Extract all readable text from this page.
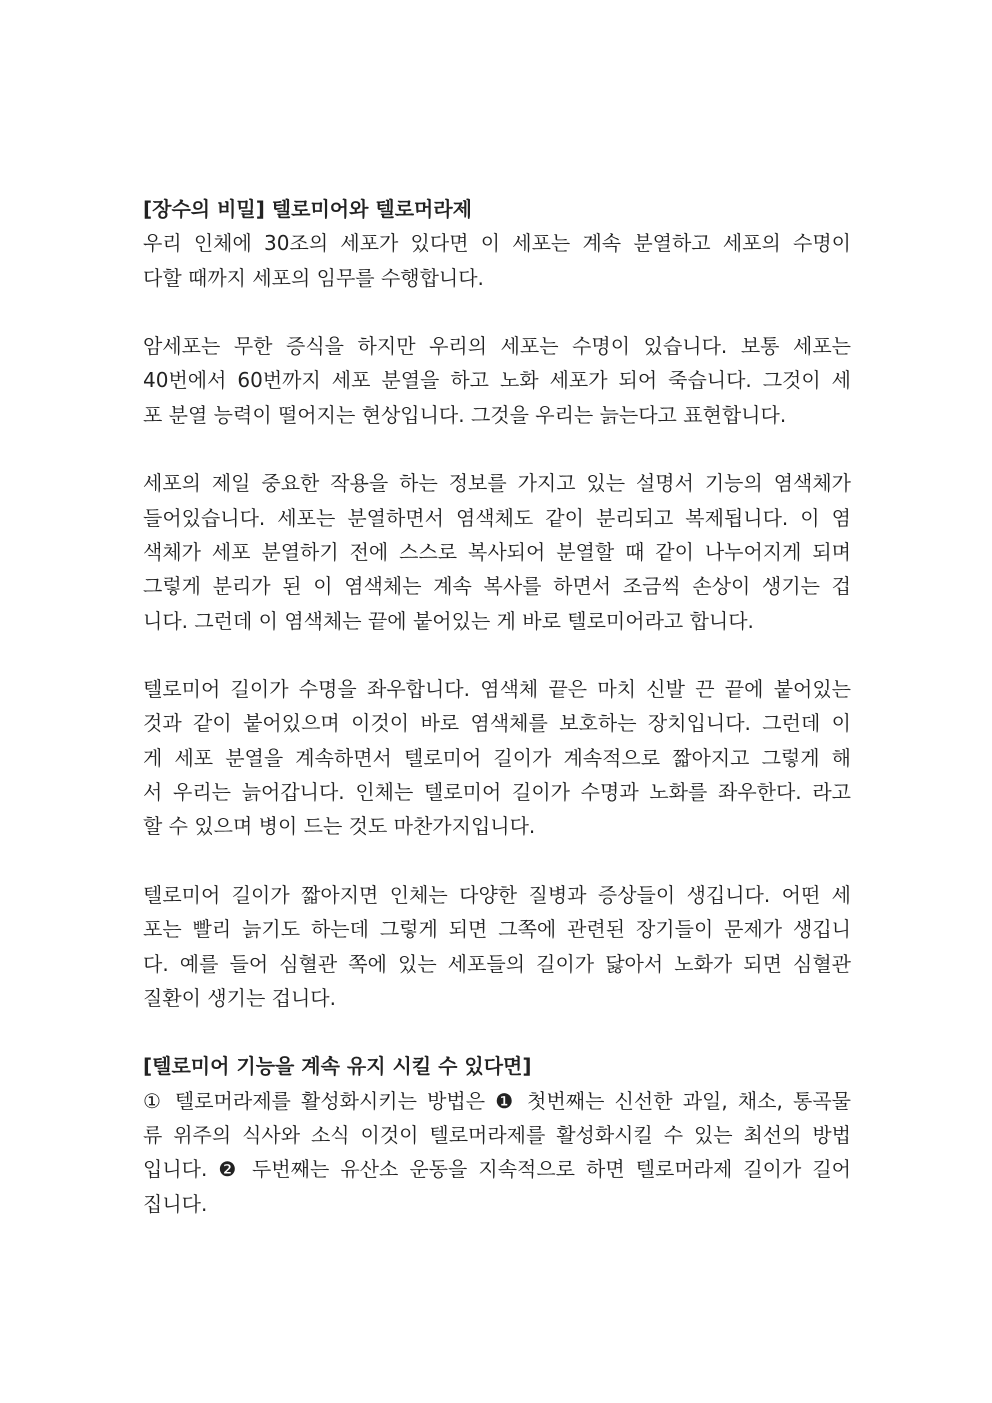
[장수의 비밀] 텔로미어와 텔로머라제
우리 인체에 30조의 세포가 있다면 이 세포는 계속 분열하고 세포의 수명이
다할 때까지 세포의 임무를 수행합니다.
암세포는 무한 증식을 하지만 우리의 세포는 수명이 있습니다. 보통 세포는
40번에서 60번까지 세포 분열을 하고 노화 세포가 되어 죽습니다. 그것이 세
포 분열 능력이 떨어지는 현상입니다. 그것을 우리는 늙는다고 표현합니다.
세포의 제일 중요한 작용을 하는 정보를 가지고 있는 설명서 기능의 염색체가
들어있습니다. 세포는 분열하면서 염색체도 같이 분리되고 복제됩니다. 이 염
색체가 세포 분열하기 전에 스스로 복사되어 분열할 때 같이 나누어지게 되며
그렇게 분리가 된 이 염색체는 계속 복사를 하면서 조금씩 손상이 생기는 겁
니다. 그런데 이 염색체는 끝에 붙어있는 게 바로 텔로미어라고 합니다.
텔로미어 길이가 수명을 좌우합니다. 염색체 끝은 마치 신발 끈 끝에 붙어있는
것과 같이 붙어있으며 이것이 바로 염색체를 보호하는 장치입니다. 그런데 이
게 세포 분열을 계속하면서 텔로미어 길이가 계속적으로 짧아지고 그렇게 해
서 우리는 늙어갑니다. 인체는 텔로미어 길이가 수명과 노화를 좌우한다. 라고
할 수 있으며 병이 드는 것도 마찬가지입니다.
텔로미어 길이가 짧아지면 인체는 다양한 질병과 증상들이 생깁니다. 어떤 세
포는 빨리 늙기도 하는데 그렇게 되면 그쪽에 관련된 장기들이 문제가 생깁니
다. 예를 들어 심혈관 쪽에 있는 세포들의 길이가 닳아서 노화가 되면 심혈관
질환이 생기는 겁니다.
[텔로미어 기능을 계속 유지 시킬 수 있다면]
① 텔로머라제를 활성화시키는 방법은 ❶ 첫번째는 신선한 과일, 채소, 통곡물
류 위주의 식사와 소식 이것이 텔로머라제를 활성화시킬 수 있는 최선의 방법
입니다. ❷ 두번째는 유산소 운동을 지속적으로 하면 텔로머라제 길이가 길어
집니다.
